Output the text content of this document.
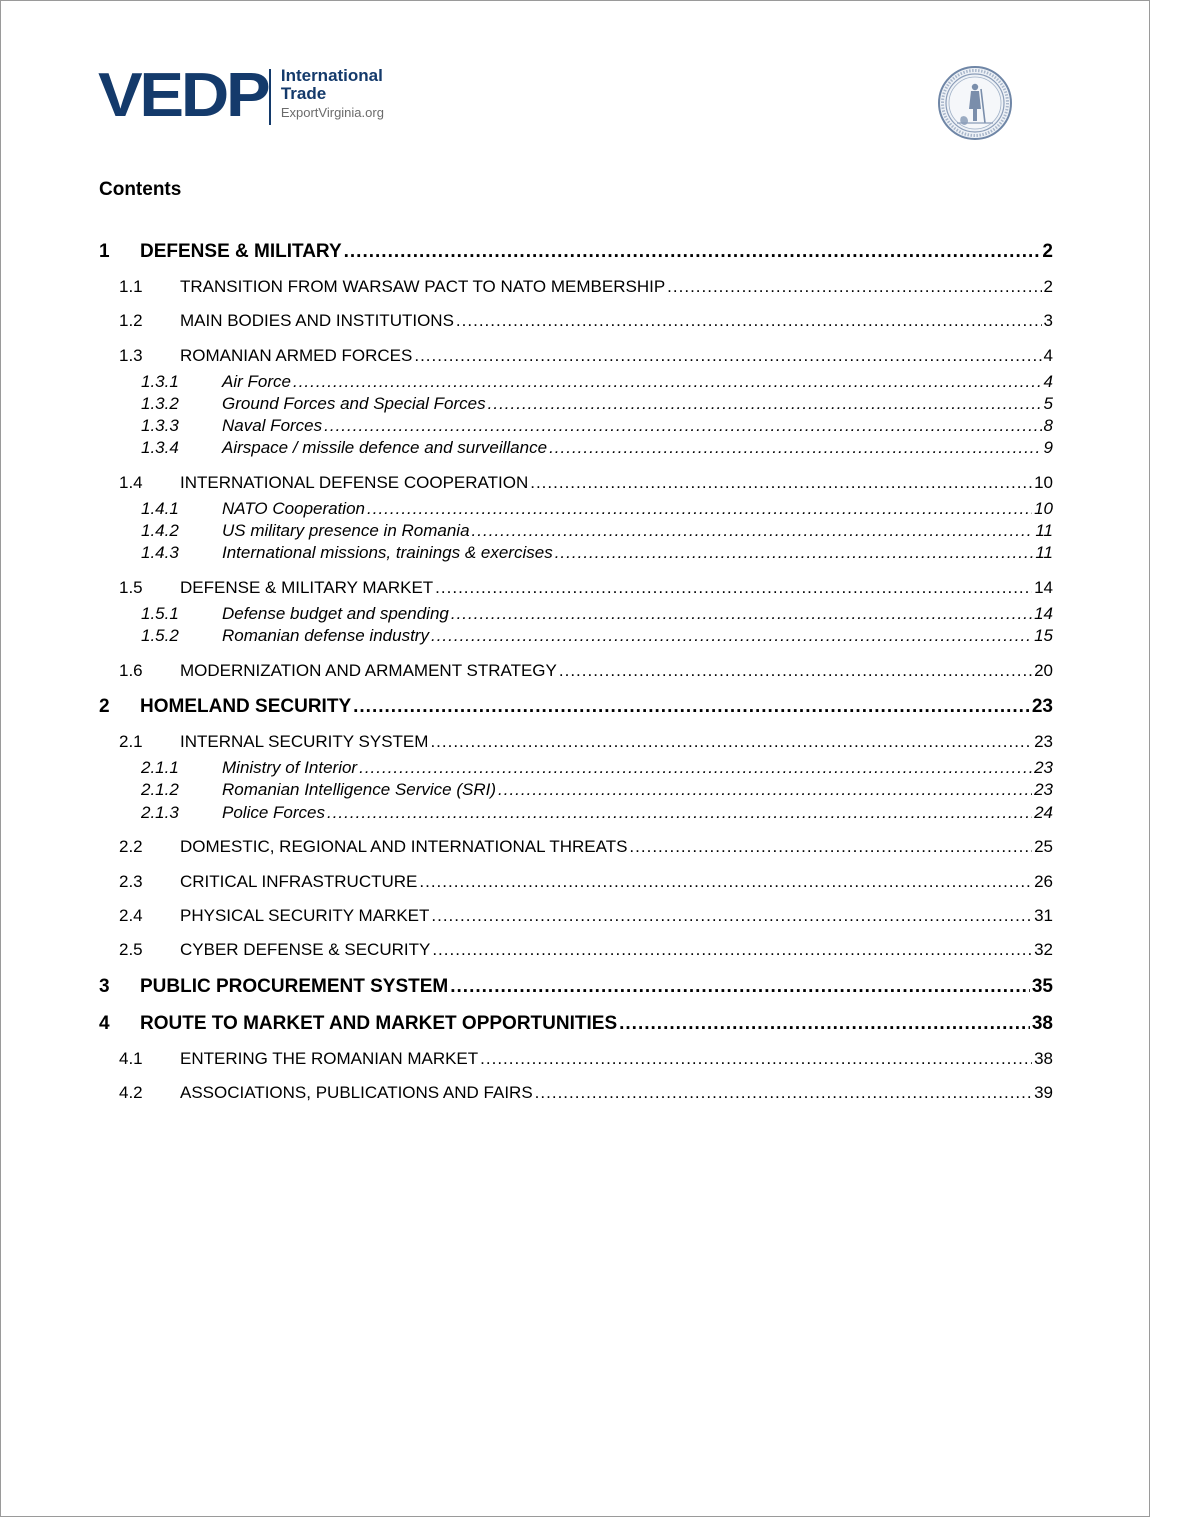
VEDP International
Trade
ExportVirginia.org
Contents
1	DEFENSE & MILITARY .....	2
1.1	TRANSITION FROM WARSAW PACT TO NATO MEMBERSHIP .....	2
1.2	MAIN BODIES AND INSTITUTIONS .....	3
1.3	ROMANIAN ARMED FORCES .....	4
1.3.1	Air Force .....	4
1.3.2	Ground Forces and Special Forces .....	5
1.3.3	Naval Forces .....	8
1.3.4	Airspace / missile defence and surveillance .....	9
1.4	INTERNATIONAL DEFENSE COOPERATION .....	10
1.4.1	NATO Cooperation .....	10
1.4.2	US military presence in Romania .....	11
1.4.3	International missions, trainings & exercises .....	11
1.5	DEFENSE & MILITARY MARKET .....	14
1.5.1	Defense budget and spending .....	14
1.5.2	Romanian defense industry .....	15
1.6	MODERNIZATION AND ARMAMENT STRATEGY .....	20
2	HOMELAND SECURITY .....	23
2.1	INTERNAL SECURITY SYSTEM .....	23
2.1.1	Ministry of Interior .....	23
2.1.2	Romanian Intelligence Service (SRI) .....	23
2.1.3	Police Forces .....	24
2.2	DOMESTIC, REGIONAL AND INTERNATIONAL THREATS .....	25
2.3	CRITICAL INFRASTRUCTURE .....	26
2.4	PHYSICAL SECURITY MARKET .....	31
2.5	CYBER DEFENSE & SECURITY .....	32
3	PUBLIC PROCUREMENT SYSTEM .....	35
4	ROUTE TO MARKET AND MARKET OPPORTUNITIES .....	38
4.1	ENTERING THE ROMANIAN MARKET .....	38
4.2	ASSOCIATIONS, PUBLICATIONS AND FAIRS .....	39
